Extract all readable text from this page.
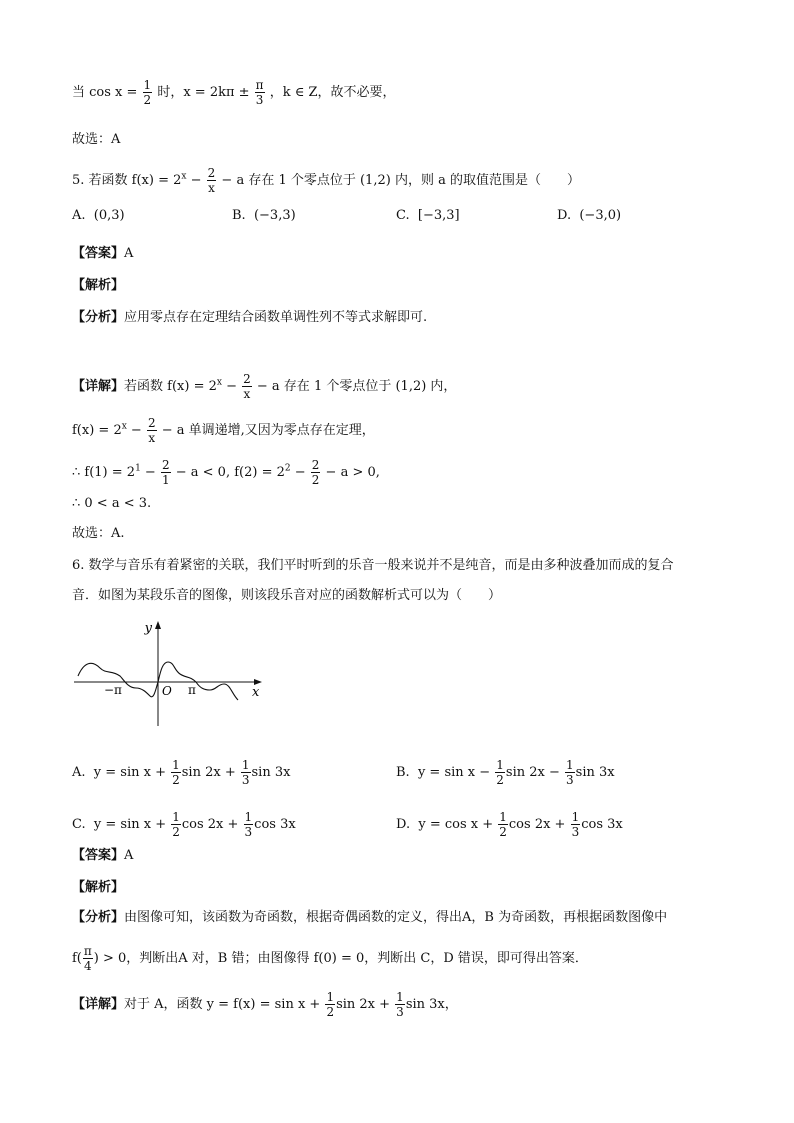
当 $\cos x = \frac{1}{2}$ 时，$x = 2k\pi \pm \frac{\pi}{3}$ ，k ∈ Z，故不必要，
故选：A
5. 若函数 $f(x) = 2^x - \frac{2}{x} - a$ 存在 1 个零点位于 (1,2) 内，则 a 的取值范围是（　　）
A. (0,3)	B. (−3,3)	C. [−3,3]	D. (−3,0)
【答案】A
【解析】
【分析】应用零点存在定理结合函数单调性列不等式求解即可.
【详解】若函数 $f(x) = 2^x - \frac{2}{x} - a$ 存在 1 个零点位于 (1,2) 内，
$f(x) = 2^x - \frac{2}{x} - a$ 单调递增,又因为零点存在定理，
∴ $f(1) = 2^1 - \frac{2}{1} - a < 0$, $f(2) = 2^2 - \frac{2}{2} - a > 0$,
∴ 0 < a < 3.
故选：A.
6. 数学与音乐有着紧密的关联，我们平时听到的乐音一般来说并不是纯音，而是由多种波叠加而成的复合
音．如图为某段乐音的图像，则该段乐音对应的函数解析式可以为（　　）
y
x
O
−π	π
A. $y = \sin x + \frac{1}{2}$ $\sin 2x + \frac{1}{3}$ sin 3x	B. $y = \sin x - \frac{1}{2}$ $\sin 2x - \frac{1}{3}$ sin 3x
C. $y = \sin x + \frac{1}{2}$ $\cos 2x + \frac{1}{3}$ cos 3x	D. $y = \cos x + \frac{1}{2}$ $\cos 2x + \frac{1}{3}$ cos 3x
【答案】A
【解析】
【分析】由图像可知，该函数为奇函数，根据奇偶函数的定义，得出A，B 为奇函数，再根据函数图像中
$f( \frac{\pi}{4}$ ) > 0，判断出A 对，B 错；由图像得 f(0) = 0，判断出 C，D 错误，即可得出答案．
【详解】对于 A，函数 $y = f(x) = \sin x + \frac{1}{2}$ $\sin 2x + \frac{1}{3}$ sin 3x，
